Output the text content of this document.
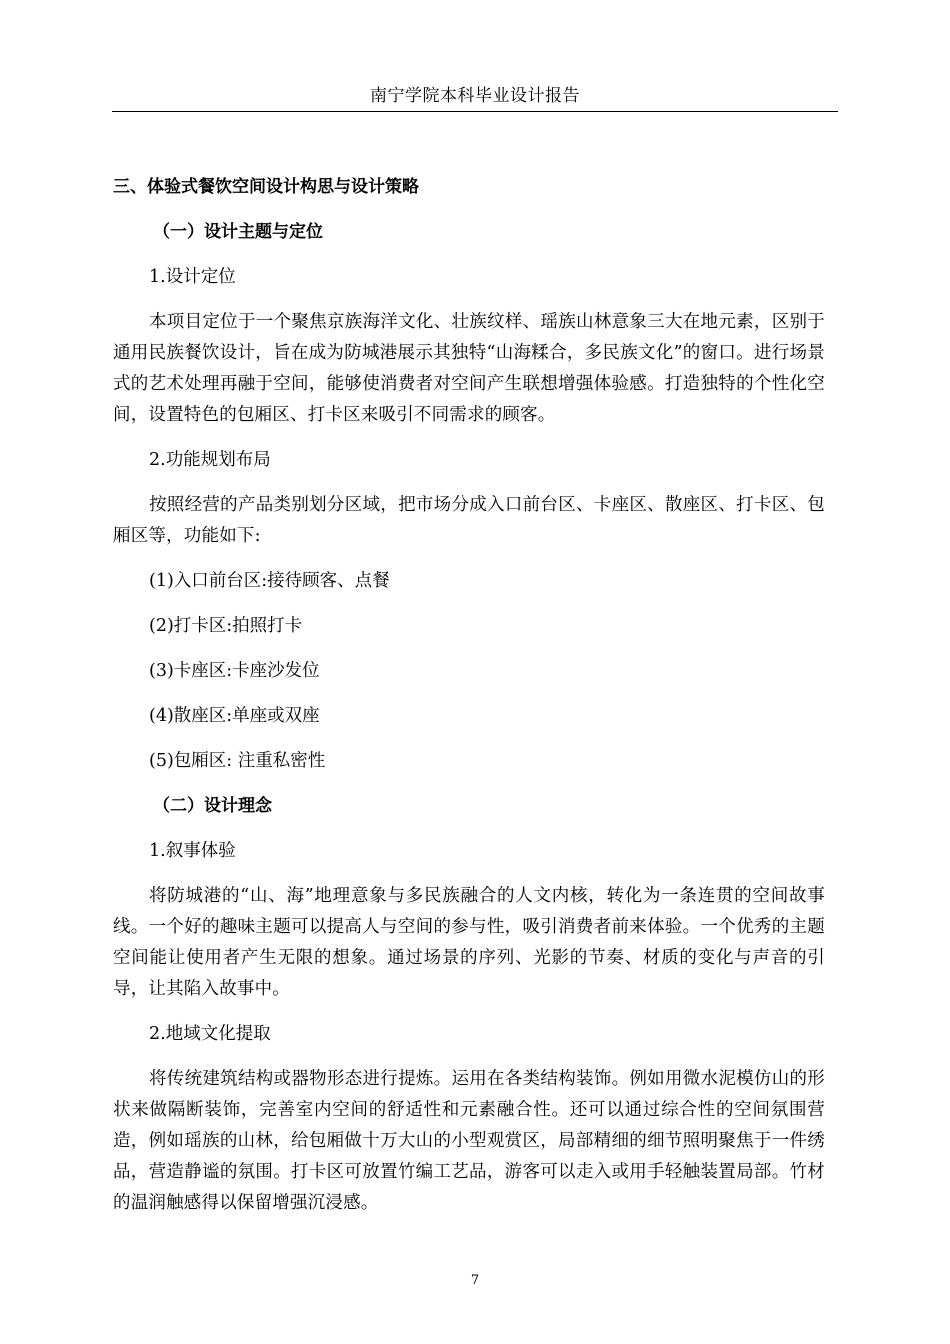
南宁学院本科毕业设计报告

三、体验式餐饮空间设计构思与设计策略

（一）设计主题与定位

1.设计定位

本项目定位于一个聚焦京族海洋文化、壮族纹样、瑶族山林意象三大在地元素，区别于通用民族餐饮设计，旨在成为防城港展示其独特“山海糅合，多民族文化”的窗口。进行场景式的艺术处理再融于空间，能够使消费者对空间产生联想增强体验感。打造独特的个性化空间，设置特色的包厢区、打卡区来吸引不同需求的顾客。

2.功能规划布局

按照经营的产品类别划分区域，把市场分成入口前台区、卡座区、散座区、打卡区、包厢区等，功能如下:

(1)入口前台区:接待顾客、点餐

(2)打卡区:拍照打卡

(3)卡座区:卡座沙发位

(4)散座区:单座或双座

(5)包厢区: 注重私密性

（二）设计理念

1.叙事体验

将防城港的“山、海”地理意象与多民族融合的人文内核，转化为一条连贯的空间故事线。一个好的趣味主题可以提高人与空间的参与性，吸引消费者前来体验。一个优秀的主题空间能让使用者产生无限的想象。通过场景的序列、光影的节奏、材质的变化与声音的引导，让其陷入故事中。

2.地域文化提取

将传统建筑结构或器物形态进行提炼。运用在各类结构装饰。例如用微水泥模仿山的形状来做隔断装饰，完善室内空间的舒适性和元素融合性。还可以通过综合性的空间氛围营造，例如瑶族的山林，给包厢做十万大山的小型观赏区，局部精细的细节照明聚焦于一件绣品，营造静谧的氛围。打卡区可放置竹编工艺品，游客可以走入或用手轻触装置局部。竹材的温润触感得以保留增强沉浸感。

7
